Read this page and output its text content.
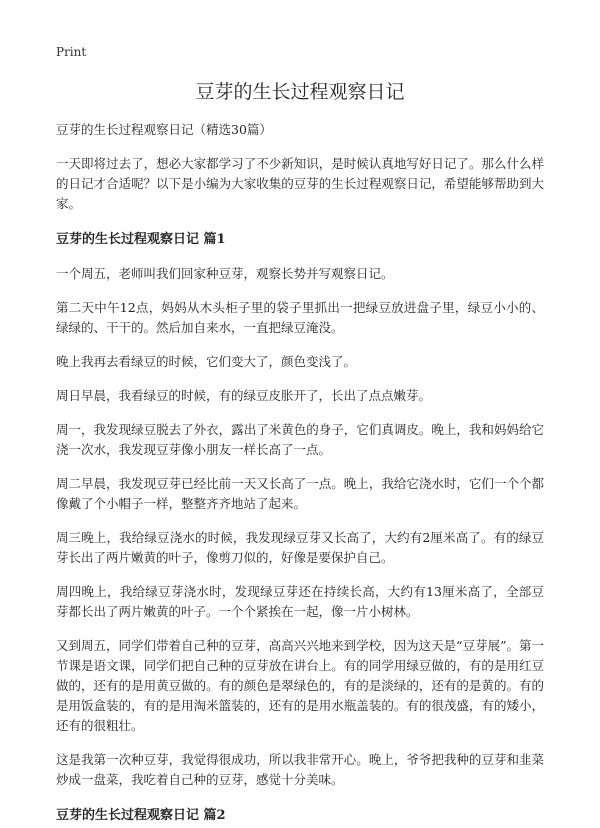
Print
豆芽的生长过程观察日记

豆芽的生长过程观察日记（精选30篇）

一天即将过去了，想必大家都学习了不少新知识，是时候认真地写好日记了。那么什么样的日记才合适呢？以下是小编为大家收集的豆芽的生长过程观察日记，希望能够帮助到大家。

豆芽的生长过程观察日记 篇1

一个周五，老师叫我们回家种豆芽，观察长势并写观察日记。

第二天中午12点，妈妈从木头柜子里的袋子里抓出一把绿豆放进盘子里，绿豆小小的、绿绿的、干干的。然后加自来水，一直把绿豆淹没。

晚上我再去看绿豆的时候，它们变大了，颜色变浅了。

周日早晨，我看绿豆的时候，有的绿豆皮胀开了，长出了点点嫩芽。

周一，我发现绿豆脱去了外衣，露出了米黄色的身子，它们真调皮。晚上，我和妈妈给它浇一次水，我发现豆芽像小朋友一样长高了一点。

周二早晨，我发现豆芽已经比前一天又长高了一点。晚上，我给它浇水时，它们一个个都像戴了个小帽子一样，整整齐齐地站了起来。

周三晚上，我给绿豆浇水的时候，我发现绿豆芽又长高了，大约有2厘米高了。有的绿豆芽长出了两片嫩黄的叶子，像剪刀似的，好像是要保护自己。

周四晚上，我给绿豆芽浇水时，发现绿豆芽还在持续长高，大约有13厘米高了，全部豆芽都长出了两片嫩黄的叶子。一个个紧挨在一起，像一片小树林。

又到周五，同学们带着自己种的豆芽，高高兴兴地来到学校，因为这天是“豆芽展”。第一节课是语文课，同学们把自己种的豆芽放在讲台上。有的同学用绿豆做的，有的是用红豆做的，还有的是用黄豆做的。有的颜色是翠绿色的，有的是淡绿的，还有的是黄的。有的是用饭盒装的，有的是用淘米篮装的，还有的是用水瓶盖装的。有的很茂盛，有的矮小，还有的很粗壮。

这是我第一次种豆芽，我觉得很成功，所以我非常开心。晚上，爷爷把我种的豆芽和韭菜炒成一盘菜，我吃着自己种的豆芽，感觉十分美味。

豆芽的生长过程观察日记 篇2
